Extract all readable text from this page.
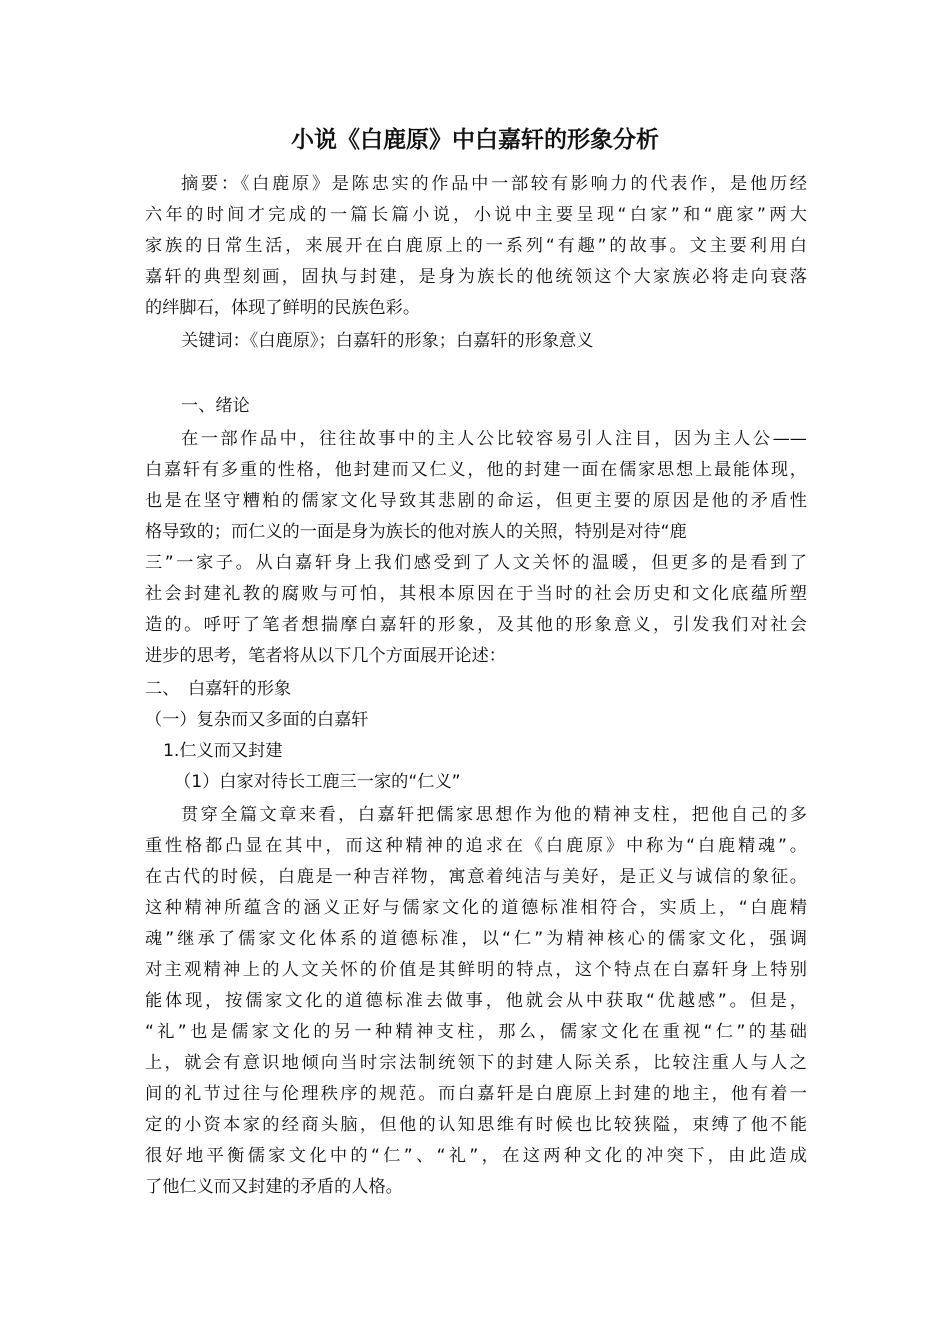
小说《白鹿原》中白嘉轩的形象分析
摘要：《白鹿原》是陈忠实的作品中一部较有影响力的代表作，是他历经
六年的时间才完成的一篇长篇小说，小说中主要呈现“白家”和“鹿家”两大
家族的日常生活，来展开在白鹿原上的一系列“有趣”的故事。文主要利用白
嘉轩的典型刻画，固执与封建，是身为族长的他统领这个大家族必将走向衰落
的绊脚石，体现了鲜明的民族色彩。
关键词：《白鹿原》；白嘉轩的形象；白嘉轩的形象意义
一、绪论
在一部作品中，往往故事中的主人公比较容易引人注目，因为主人公——
白嘉轩有多重的性格，他封建而又仁义，他的封建一面在儒家思想上最能体现，
也是在坚守糟粕的儒家文化导致其悲剧的命运，但更主要的原因是他的矛盾性
格导致的；而仁义的一面是身为族长的他对族人的关照，特别是对待“鹿
三”一家子。从白嘉轩身上我们感受到了人文关怀的温暖，但更多的是看到了
社会封建礼教的腐败与可怕，其根本原因在于当时的社会历史和文化底蕴所塑
造的。呼吁了笔者想揣摩白嘉轩的形象，及其他的形象意义，引发我们对社会
进步的思考，笔者将从以下几个方面展开论述：
二、　白嘉轩的形象
（一）复杂而又多面的白嘉轩
1.仁义而又封建
（1）白家对待长工鹿三一家的“仁义”
贯穿全篇文章来看，白嘉轩把儒家思想作为他的精神支柱，把他自己的多
重性格都凸显在其中，而这种精神的追求在《白鹿原》中称为“白鹿精魂”。
在古代的时候，白鹿是一种吉祥物，寓意着纯洁与美好，是正义与诚信的象征。
这种精神所蕴含的涵义正好与儒家文化的道德标准相符合，实质上，“白鹿精
魂”继承了儒家文化体系的道德标准，以“仁”为精神核心的儒家文化，强调
对主观精神上的人文关怀的价值是其鲜明的特点，这个特点在白嘉轩身上特别
能体现，按儒家文化的道德标准去做事，他就会从中获取“优越感”。但是，
“礼”也是儒家文化的另一种精神支柱，那么，儒家文化在重视“仁”的基础
上，就会有意识地倾向当时宗法制统领下的封建人际关系，比较注重人与人之
间的礼节过往与伦理秩序的规范。而白嘉轩是白鹿原上封建的地主，他有着一
定的小资本家的经商头脑，但他的认知思维有时候也比较狭隘，束缚了他不能
很好地平衡儒家文化中的“仁”、“礼”，在这两种文化的冲突下，由此造成
了他仁义而又封建的矛盾的人格。
